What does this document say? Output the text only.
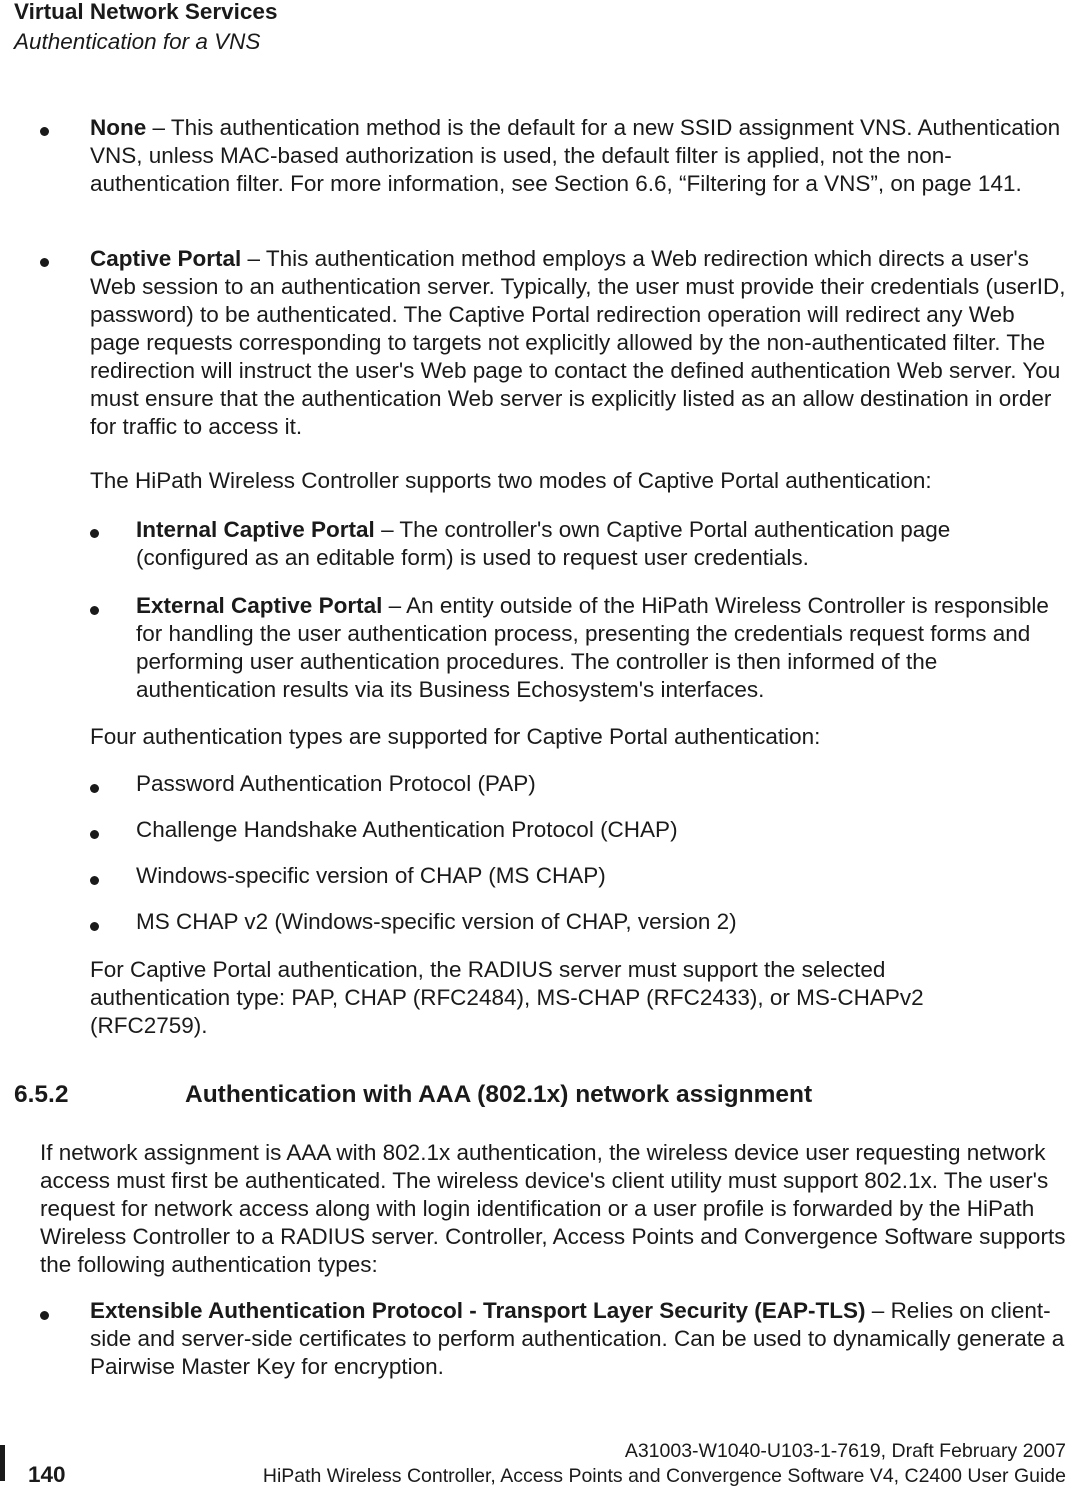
Virtual Network Services
Authentication for a VNS

None – This authentication method is the default for a new SSID assignment VNS. Authentication VNS, unless MAC-based authorization is used, the default filter is applied, not the non-authentication filter. For more information, see Section 6.6, “Filtering for a VNS”, on page 141.

Captive Portal – This authentication method employs a Web redirection which directs a user's Web session to an authentication server. Typically, the user must provide their credentials (userID, password) to be authenticated. The Captive Portal redirection operation will redirect any Web page requests corresponding to targets not explicitly allowed by the non-authenticated filter. The redirection will instruct the user's Web page to contact the defined authentication Web server. You must ensure that the authentication Web server is explicitly listed as an allow destination in order for traffic to access it.

The HiPath Wireless Controller supports two modes of Captive Portal authentication:

Internal Captive Portal – The controller's own Captive Portal authentication page (configured as an editable form) is used to request user credentials.

External Captive Portal – An entity outside of the HiPath Wireless Controller is responsible for handling the user authentication process, presenting the credentials request forms and performing user authentication procedures. The controller is then informed of the authentication results via its Business Echosystem's interfaces.

Four authentication types are supported for Captive Portal authentication:

Password Authentication Protocol (PAP)

Challenge Handshake Authentication Protocol (CHAP)

Windows-specific version of CHAP (MS CHAP)

MS CHAP v2 (Windows-specific version of CHAP, version 2)

For Captive Portal authentication, the RADIUS server must support the selected authentication type: PAP, CHAP (RFC2484), MS-CHAP (RFC2433), or MS-CHAPv2 (RFC2759).

6.5.2	Authentication with AAA (802.1x) network assignment

If network assignment is AAA with 802.1x authentication, the wireless device user requesting network access must first be authenticated. The wireless device's client utility must support 802.1x. The user's request for network access along with login identification or a user profile is forwarded by the HiPath Wireless Controller to a RADIUS server. Controller, Access Points and Convergence Software supports the following authentication types:

Extensible Authentication Protocol - Transport Layer Security (EAP-TLS) – Relies on client-side and server-side certificates to perform authentication. Can be used to dynamically generate a Pairwise Master Key for encryption.

140
A31003-W1040-U103-1-7619, Draft February 2007
HiPath Wireless Controller, Access Points and Convergence Software V4, C2400 User Guide
